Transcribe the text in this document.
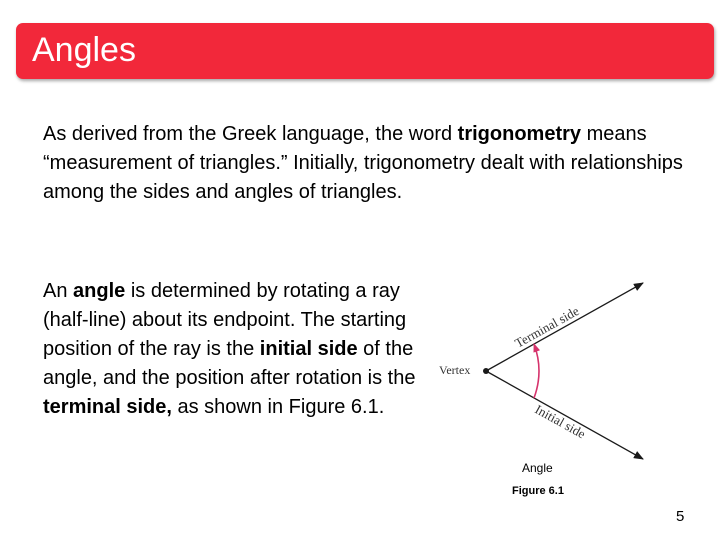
Angles
As derived from the Greek language, the word trigonometry means “measurement of triangles.” Initially, trigonometry dealt with relationships among the sides and angles of triangles.
An angle is determined by rotating a ray (half-line) about its endpoint. The starting position of the ray is the initial side of the angle, and the position after rotation is the terminal side, as shown in Figure 6.1.
Vertex
Terminal side
Initial side
Angle
Figure 6.1
5
